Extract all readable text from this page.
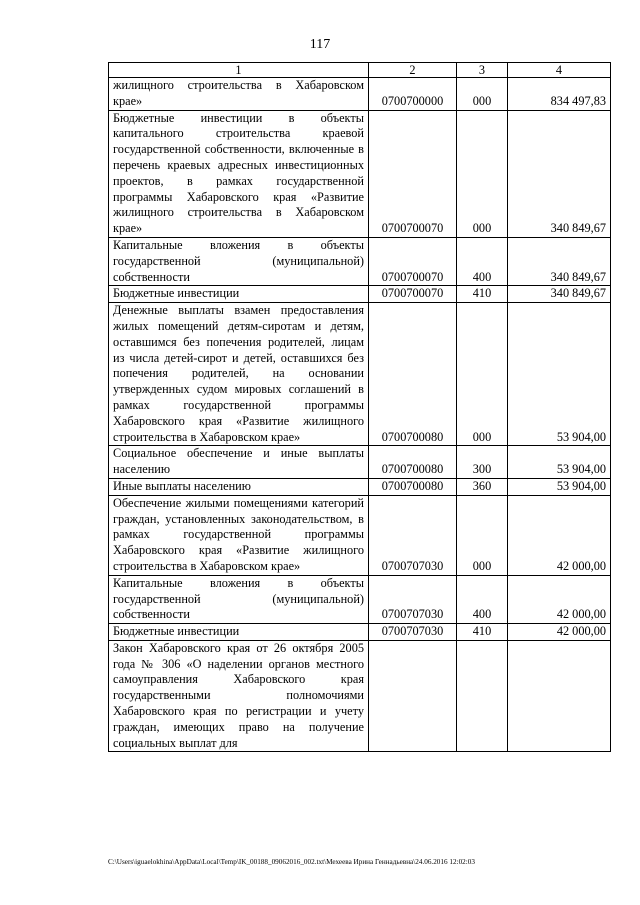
117
1	2	3	4
жилищного строительства в Хабаровском крае»	0700700000	000	834 497,83
Бюджетные инвестиции в объекты капитального строительства краевой государственной собственности, включенные в перечень краевых адресных инвестиционных проектов, в рамках государственной программы Хабаровского края «Развитие жилищного строительства в Хабаровском крае»	0700700070	000	340 849,67
Капитальные вложения в объекты государственной (муниципальной) собственности	0700700070	400	340 849,67
Бюджетные инвестиции	0700700070	410	340 849,67
Денежные выплаты взамен предоставления жилых помещений детям-сиротам и детям, оставшимся без попечения родителей, лицам из числа детей-сирот и детей, оставшихся без попечения родителей, на основании утвержденных судом мировых соглашений в рамках государственной программы Хабаровского края «Развитие жилищного строительства в Хабаровском крае»	0700700080	000	53 904,00
Социальное обеспечение и иные выплаты населению	0700700080	300	53 904,00
Иные выплаты населению	0700700080	360	53 904,00
Обеспечение жилыми помещениями категорий граждан, установленных законодательством, в рамках государственной программы Хабаровского края «Развитие жилищного строительства в Хабаровском крае»	0700707030	000	42 000,00
Капитальные вложения в объекты государственной (муниципальной) собственности	0700707030	400	42 000,00
Бюджетные инвестиции	0700707030	410	42 000,00
Закон Хабаровского края от 26 октября 2005 года № 306 «О наделении органов местного самоуправления Хабаровского края государственными полномочиями Хабаровского края по регистрации и учету граждан, имеющих право на получение социальных выплат для			
C:\Users\iguaelokhina\AppData\Local\Temp\IK_00188_09062016_002.txt\Мехеева Ирина Геннадьевна\24.06.2016 12:02:03
